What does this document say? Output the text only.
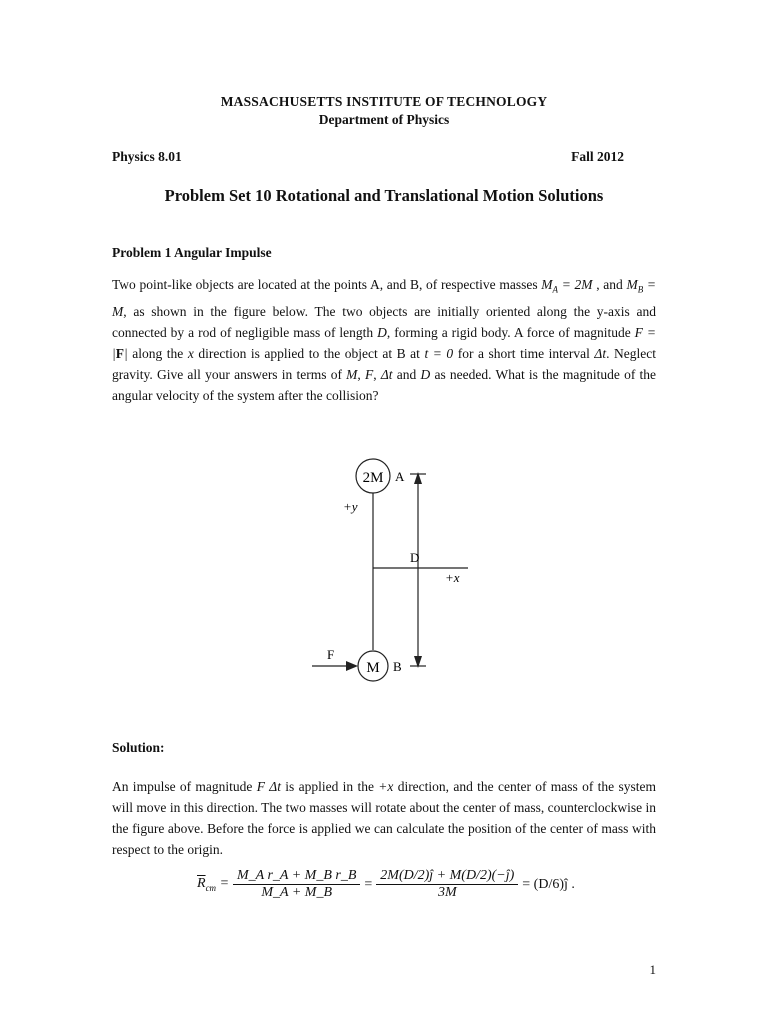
MASSACHUSETTS INSTITUTE OF TECHNOLOGY
Department of Physics
Physics 8.01	Fall 2012
Problem Set 10 Rotational and Translational Motion Solutions
Problem 1 Angular Impulse
Two point-like objects are located at the points A, and B, of respective masses $M_A = 2M$ , and $M_B = M$, as shown in the figure below. The two objects are initially oriented along the y-axis and connected by a rod of negligible mass of length D, forming a rigid body. A force of magnitude F = |F| along the x direction is applied to the object at B at t = 0 for a short time interval Δt. Neglect gravity. Give all your answers in terms of M, F, Δt and D as needed. What is the magnitude of the angular velocity of the system after the collision?
2M A
M B
+y
+x
D
F
Solution:
An impulse of magnitude F Δt is applied in the +x direction, and the center of mass of the system will move in this direction. The two masses will rotate about the center of mass, counterclockwise in the figure above. Before the force is applied we can calculate the position of the center of mass with respect to the origin.
$\overline{R}_{cm}$ =	M_A r_A + M_B r_B	=	2M(D/2)ĵ + M(D/2)(−ĵ)	= (D/6)ĵ .
	M_A + M_B		3M	
1
